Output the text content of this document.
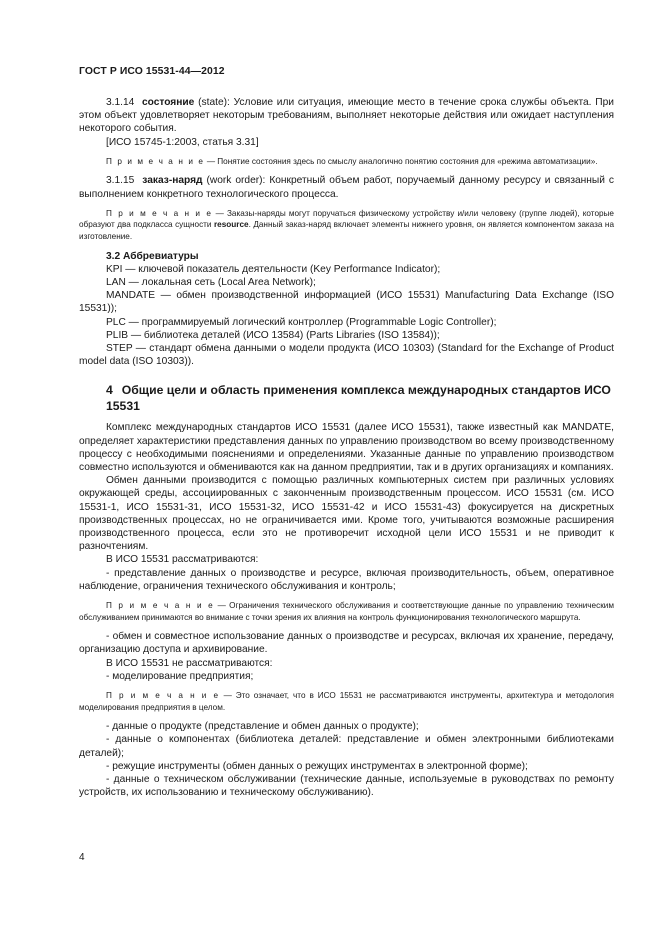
ГОСТ Р ИСО 15531-44—2012

3.1.14 состояние (state): Условие или ситуация, имеющие место в течение срока службы объекта. При этом объект удовлетворяет некоторым требованиям, выполняет некоторые действия или ожидает наступления некоторого события.

[ИСО 15745-1:2003, статья 3.31]

П р и м е ч а н и е — Понятие состояния здесь по смыслу аналогично понятию состояния для «режима автоматизации».

3.1.15 заказ-наряд (work order): Конкретный объем работ, поручаемый данному ресурсу и связанный с выполнением конкретного технологического процесса.

П р и м е ч а н и е — Заказы-наряды могут поручаться физическому устройству и/или человеку (группе людей), которые образуют два подкласса сущности resource. Данный заказ-наряд включает элементы нижнего уровня, он является компонентом заказа на изготовление.

3.2 Аббревиатуры

KPI — ключевой показатель деятельности (Key Performance Indicator);

LAN — локальная сеть (Local Area Network);

MANDATE — обмен производственной информацией (ИСО 15531) Manufacturing Data Exchange (ISO 15531));

PLC — программируемый логический контроллер (Programmable Logic Controller);

PLIB — библиотека деталей (ИСО 13584) (Parts Libraries (ISO 13584));

STEP — стандарт обмена данными о модели продукта (ИСО 10303) (Standard for the Exchange of Product model data (ISO 10303)).

4 Общие цели и область применения комплекса международных стандартов ИСО 15531

Комплекс международных стандартов ИСО 15531 (далее ИСО 15531), также известный как MANDATE, определяет характеристики представления данных по управлению производством во всему производственному процессу с необходимыми пояснениями и определениями. Указанные данные по управлению производством совместно используются и обмениваются как на данном предприятии, так и в других организациях и компаниях.

Обмен данными производится с помощью различных компьютерных систем при различных условиях окружающей среды, ассоциированных с законченным производственным процессом. ИСО 15531 (см. ИСО 15531-1, ИСО 15531-31, ИСО 15531-32, ИСО 15531-42 и ИСО 15531-43) фокусируется на дискретных производственных процессах, но не ограничивается ими. Кроме того, учитываются возможные расширения производственного процесса, если это не противоречит исходной цели ИСО 15531 и не приводит к разночтениям.

В ИСО 15531 рассматриваются:

- представление данных о производстве и ресурсе, включая производительность, объем, оперативное наблюдение, ограничения технического обслуживания и контроль;

П р и м е ч а н и е — Ограничения технического обслуживания и соответствующие данные по управлению техническим обслуживанием принимаются во внимание с точки зрения их влияния на контроль функционирования технологического маршрута.

- обмен и совместное использование данных о производстве и ресурсах, включая их хранение, передачу, организацию доступа и архивирование.

В ИСО 15531 не рассматриваются:

- моделирование предприятия;

П р и м е ч а н и е — Это означает, что в ИСО 15531 не рассматриваются инструменты, архитектура и методология моделирования предприятия в целом.

- данные о продукте (представление и обмен данных о продукте);

- данные о компонентах (библиотека деталей: представление и обмен электронными библиотеками деталей);

- режущие инструменты (обмен данных о режущих инструментах в электронной форме);

- данные о техническом обслуживании (технические данные, используемые в руководствах по ремонту устройств, их использованию и техническому обслуживанию).

4
